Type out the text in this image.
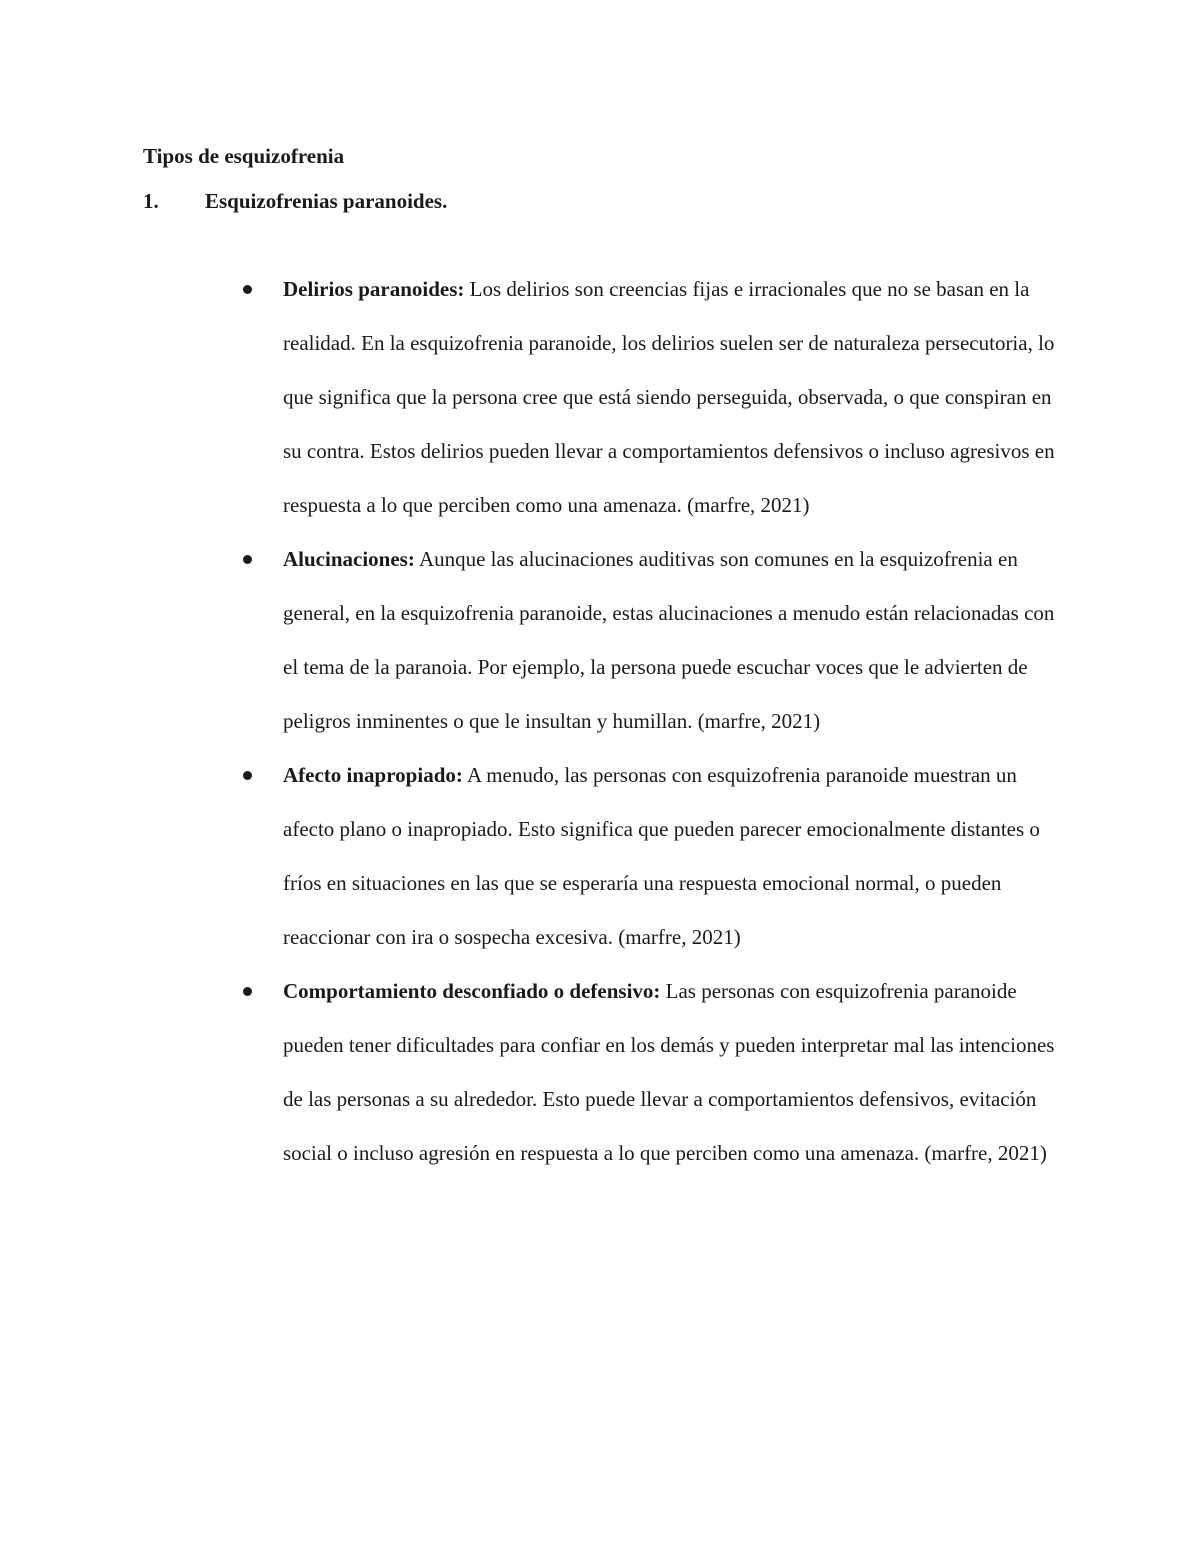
Tipos de esquizofrenia
1. Esquizofrenias paranoides.
Delirios paranoides: Los delirios son creencias fijas e irracionales que no se basan en la realidad. En la esquizofrenia paranoide, los delirios suelen ser de naturaleza persecutoria, lo que significa que la persona cree que está siendo perseguida, observada, o que conspiran en su contra. Estos delirios pueden llevar a comportamientos defensivos o incluso agresivos en respuesta a lo que perciben como una amenaza. (marfre, 2021)
Alucinaciones: Aunque las alucinaciones auditivas son comunes en la esquizofrenia en general, en la esquizofrenia paranoide, estas alucinaciones a menudo están relacionadas con el tema de la paranoia. Por ejemplo, la persona puede escuchar voces que le advierten de peligros inminentes o que le insultan y humillan. (marfre, 2021)
Afecto inapropiado: A menudo, las personas con esquizofrenia paranoide muestran un afecto plano o inapropiado. Esto significa que pueden parecer emocionalmente distantes o fríos en situaciones en las que se esperaría una respuesta emocional normal, o pueden reaccionar con ira o sospecha excesiva. (marfre, 2021)
Comportamiento desconfiado o defensivo: Las personas con esquizofrenia paranoide pueden tener dificultades para confiar en los demás y pueden interpretar mal las intenciones de las personas a su alrededor. Esto puede llevar a comportamientos defensivos, evitación social o incluso agresión en respuesta a lo que perciben como una amenaza. (marfre, 2021)
